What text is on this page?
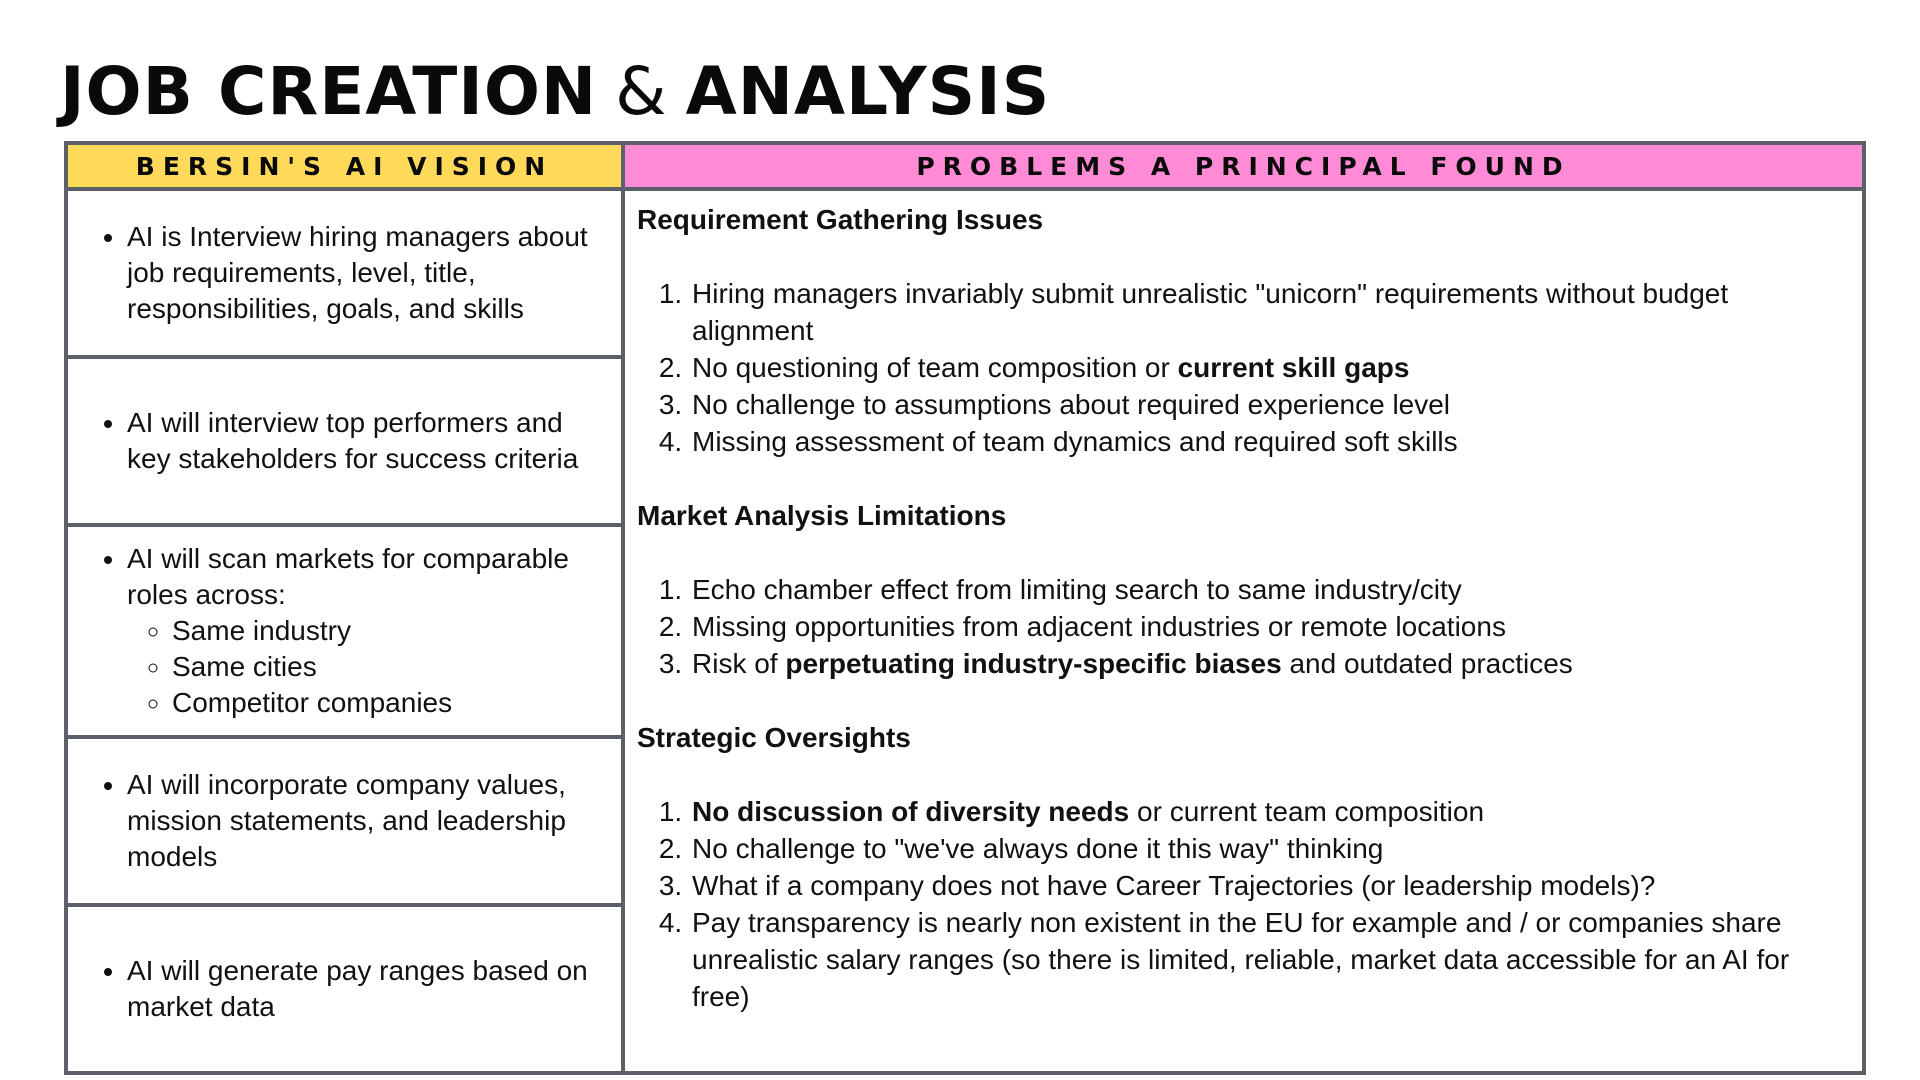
JOB CREATION & ANALYSIS
BERSIN'S AI VISION	PROBLEMS A PRINCIPAL FOUND
• AI is Interview hiring managers about job requirements, level, title, responsibilities, goals, and skills
• AI will interview top performers and key stakeholders for success criteria
• AI will scan markets for comparable roles across:
◦ Same industry
◦ Same cities
◦ Competitor companies
• AI will incorporate company values, mission statements, and leadership models
• AI will generate pay ranges based on market data
Requirement Gathering Issues
1. Hiring managers invariably submit unrealistic "unicorn" requirements without budget alignment
2. No questioning of team composition or current skill gaps
3. No challenge to assumptions about required experience level
4. Missing assessment of team dynamics and required soft skills
Market Analysis Limitations
1. Echo chamber effect from limiting search to same industry/city
2. Missing opportunities from adjacent industries or remote locations
3. Risk of perpetuating industry-specific biases and outdated practices
Strategic Oversights
1. No discussion of diversity needs or current team composition
2. No challenge to "we've always done it this way" thinking
3. What if a company does not have Career Trajectories (or leadership models)?
4. Pay transparency is nearly non existent in the EU for example and / or companies share unrealistic salary ranges (so there is limited, reliable, market data accessible for an AI for free)
